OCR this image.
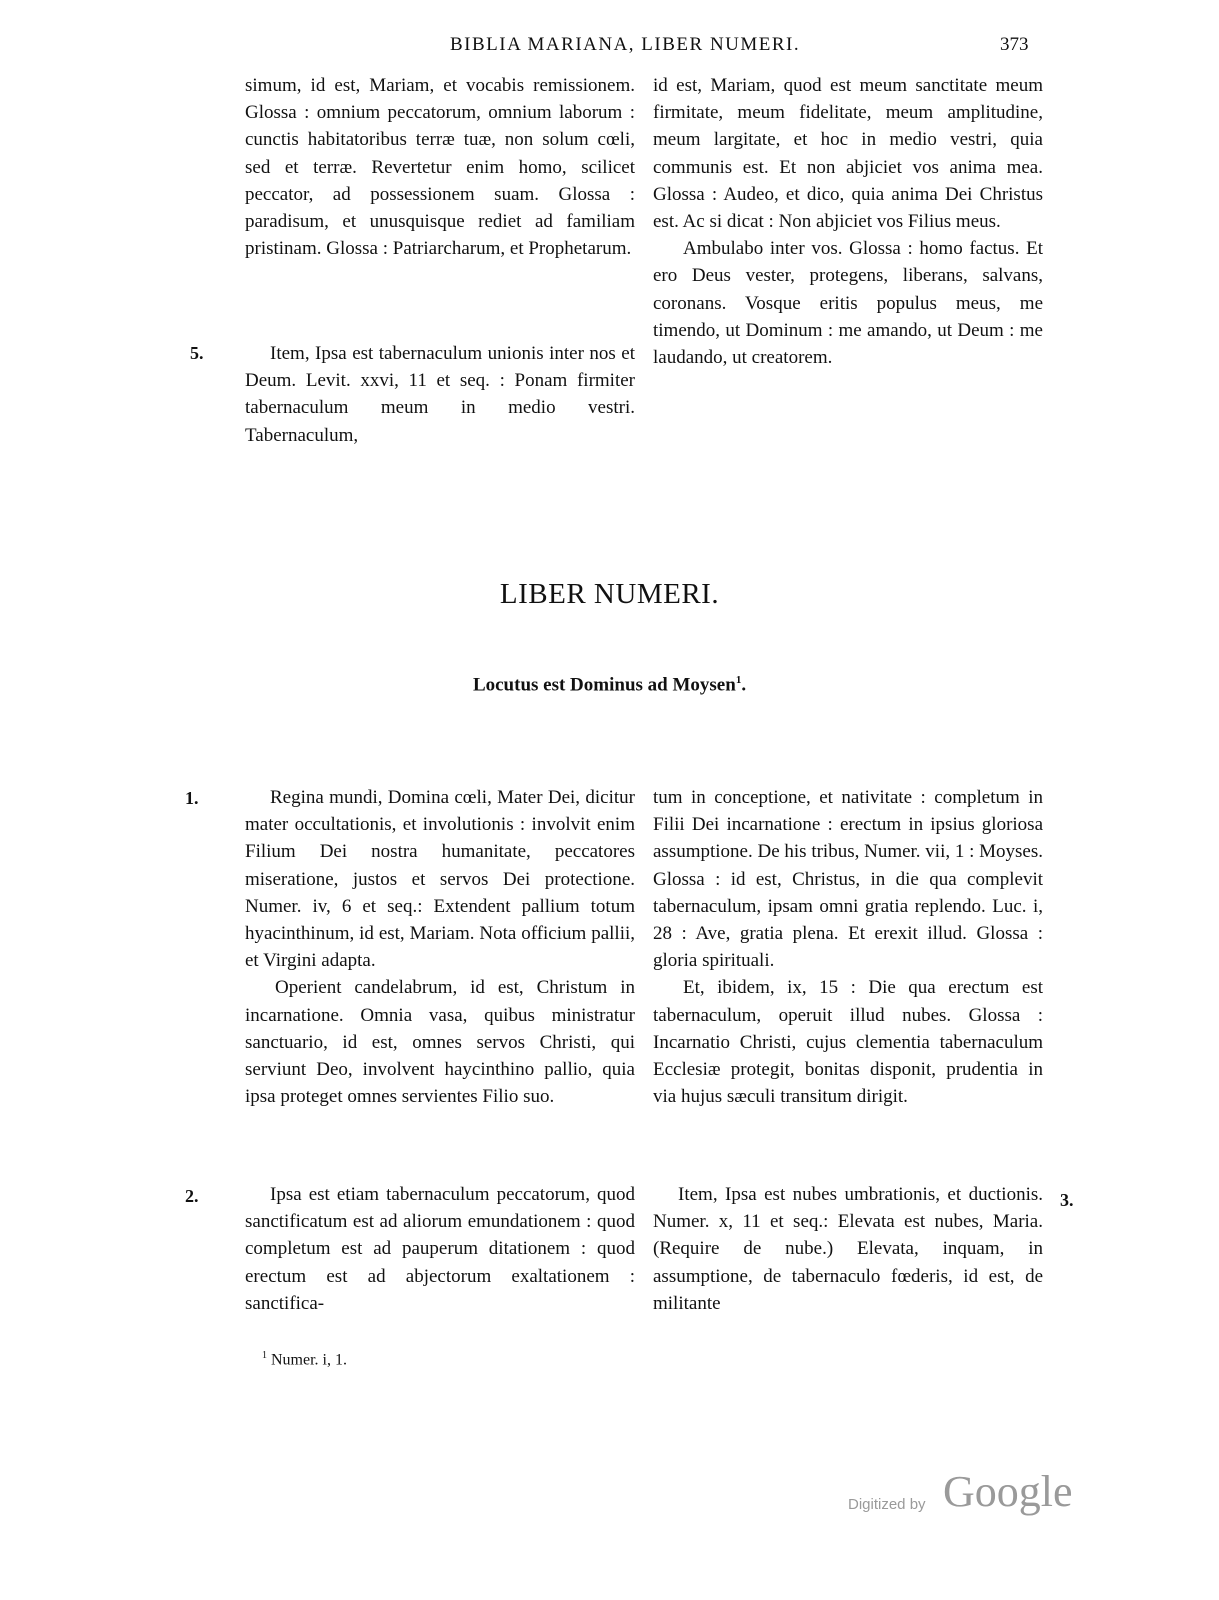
BIBLIA MARIANA, LIBER NUMERI.	373

simum, id est, Mariam, et vocabis remissionem. Glossa : omnium peccatorum, omnium laborum : cunctis habitatoribus terræ tuæ, non solum cœli, sed et terræ. Revertetur enim homo, scilicet peccator, ad possessionem suam. Glossa : paradisum, et unusquisque rediet ad familiam pristinam. Glossa : Patriarcharum, et Prophetarum.

5.	Item, Ipsa est tabernaculum unionis inter nos et Deum. Levit. xxvi, 11 et seq. : Ponam firmiter tabernaculum meum in medio vestri. Tabernaculum,

id est, Mariam, quod est meum sanctitate meum firmitate, meum fidelitate, meum amplitudine, meum largitate, et hoc in medio vestri, quia communis est. Et non abjiciet vos anima mea. Glossa : Audeo, et dico, quia anima Dei Christus est. Ac si dicat : Non abjiciet vos Filius meus.

Ambulabo inter vos. Glossa : homo factus. Et ero Deus vester, protegens, liberans, salvans, coronans. Vosque eritis populus meus, me timendo, ut Dominum : me amando, ut Deum : me laudando, ut creatorem.

LIBER NUMERI.
Locutus est Dominus ad Moysen$^1$.
1.	Regina mundi, Domina cœli, Mater Dei, dicitur mater occultationis, et involutionis : involvit enim Filium Dei nostra humanitate, peccatores miseratione, justos et servos Dei protectione. Numer. iv, 6 et seq.: Extendent pallium totum hyacinthinum, id est, Mariam. Nota officium pallii, et Virgini adapta.

Operient candelabrum, id est, Christum in incarnatione. Omnia vasa, quibus ministratur sanctuario, id est, omnes servos Christi, qui serviunt Deo, involvent haycinthino pallio, quia ipsa proteget omnes servientes Filio suo.

tum in conceptione, et nativitate : completum in Filii Dei incarnatione : erectum in ipsius gloriosa assumptione. De his tribus, Numer. vii, 1 : Moyses. Glossa : id est, Christus, in die qua complevit tabernaculum, ipsam omni gratia replendo. Luc. i, 28 : Ave, gratia plena. Et erexit illud. Glossa : gloria spirituali.

Et, ibidem, ix, 15 : Die qua erectum est tabernaculum, operuit illud nubes. Glossa : Incarnatio Christi, cujus clementia tabernaculum Ecclesiæ protegit, bonitas disponit, prudentia in via hujus sæculi transitum dirigit.

2.	Ipsa est etiam tabernaculum peccatorum, quod sanctificatum est ad aliorum emundationem : quod completum est ad pauperum ditationem : quod erectum est ad abjectorum exaltationem : sanctifica-

Item, Ipsa est nubes umbrationis, et ductionis. Numer. x, 11 et seq.: Elevata est nubes, Maria. (Require de nube.) Elevata, inquam, in assumptione, de tabernaculo fœderis, id est, de militante

3.
$^1$ Numer. i, 1.
Digitized by Google
